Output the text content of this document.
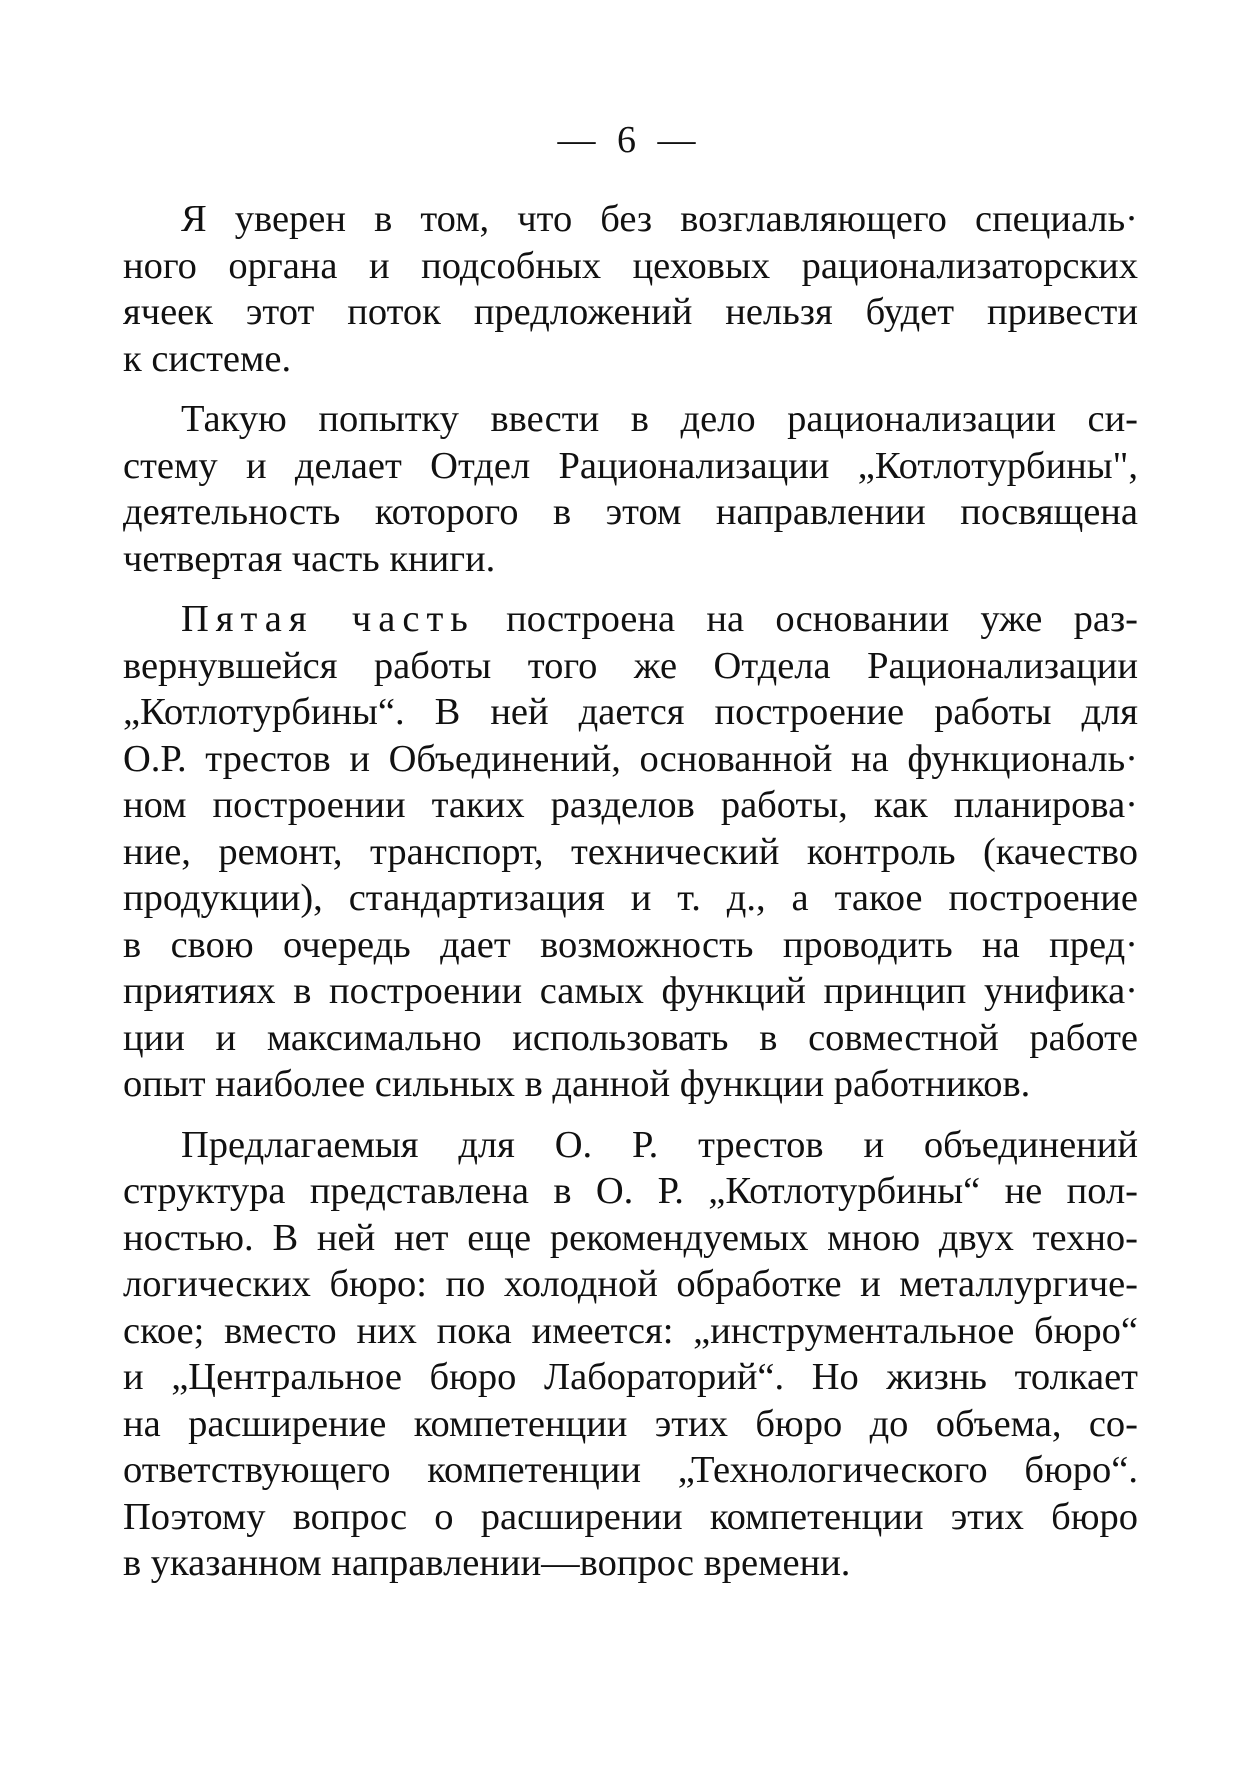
— 6 —

Я уверен в том, что без возглавляющего специаль·
ного органа и подсобных цеховых рационализаторских
ячеек этот поток предложений нельзя будет привести
к системе.

Такую попытку ввести в дело рационализации си-
стему и делает Отдел Рационализации „Котлотурбины",
деятельность которого в этом направлении посвящена
четвертая часть книги.

Пятая часть построена на основании уже раз-
вернувшейся работы того же Отдела Рационализации
„Котлотурбины“. В ней дается построение работы для
О.Р. трестов и Объединений, основанной на функциональ·
ном построении таких разделов работы, как планирова·
ние, ремонт, транспорт, технический контроль (качество
продукции), стандартизация и т. д., а такое построение
в свою очередь дает возможность проводить на пред·
приятиях в построении самых функций принцип унифика·
ции и максимально использовать в совместной работе
опыт наиболее сильных в данной функции работников.

Предлагаемыя для О. Р. трестов и объединений
структура представлена в О. Р. „Котлотурбины“ не пол-
ностью. В ней нет еще рекомендуемых мною двух техно-
логических бюро: по холодной обработке и металлургиче-
ское; вместо них пока имеется: „инструментальное бюро“
и „Центральное бюро Лабораторий“. Но жизнь толкает
на расширение компетенции этих бюро до объема, со-
ответствующего компетенции „Технологического бюро“.
Поэтому вопрос о расширении компетенции этих бюро
в указанном направлении—вопрос времени.
